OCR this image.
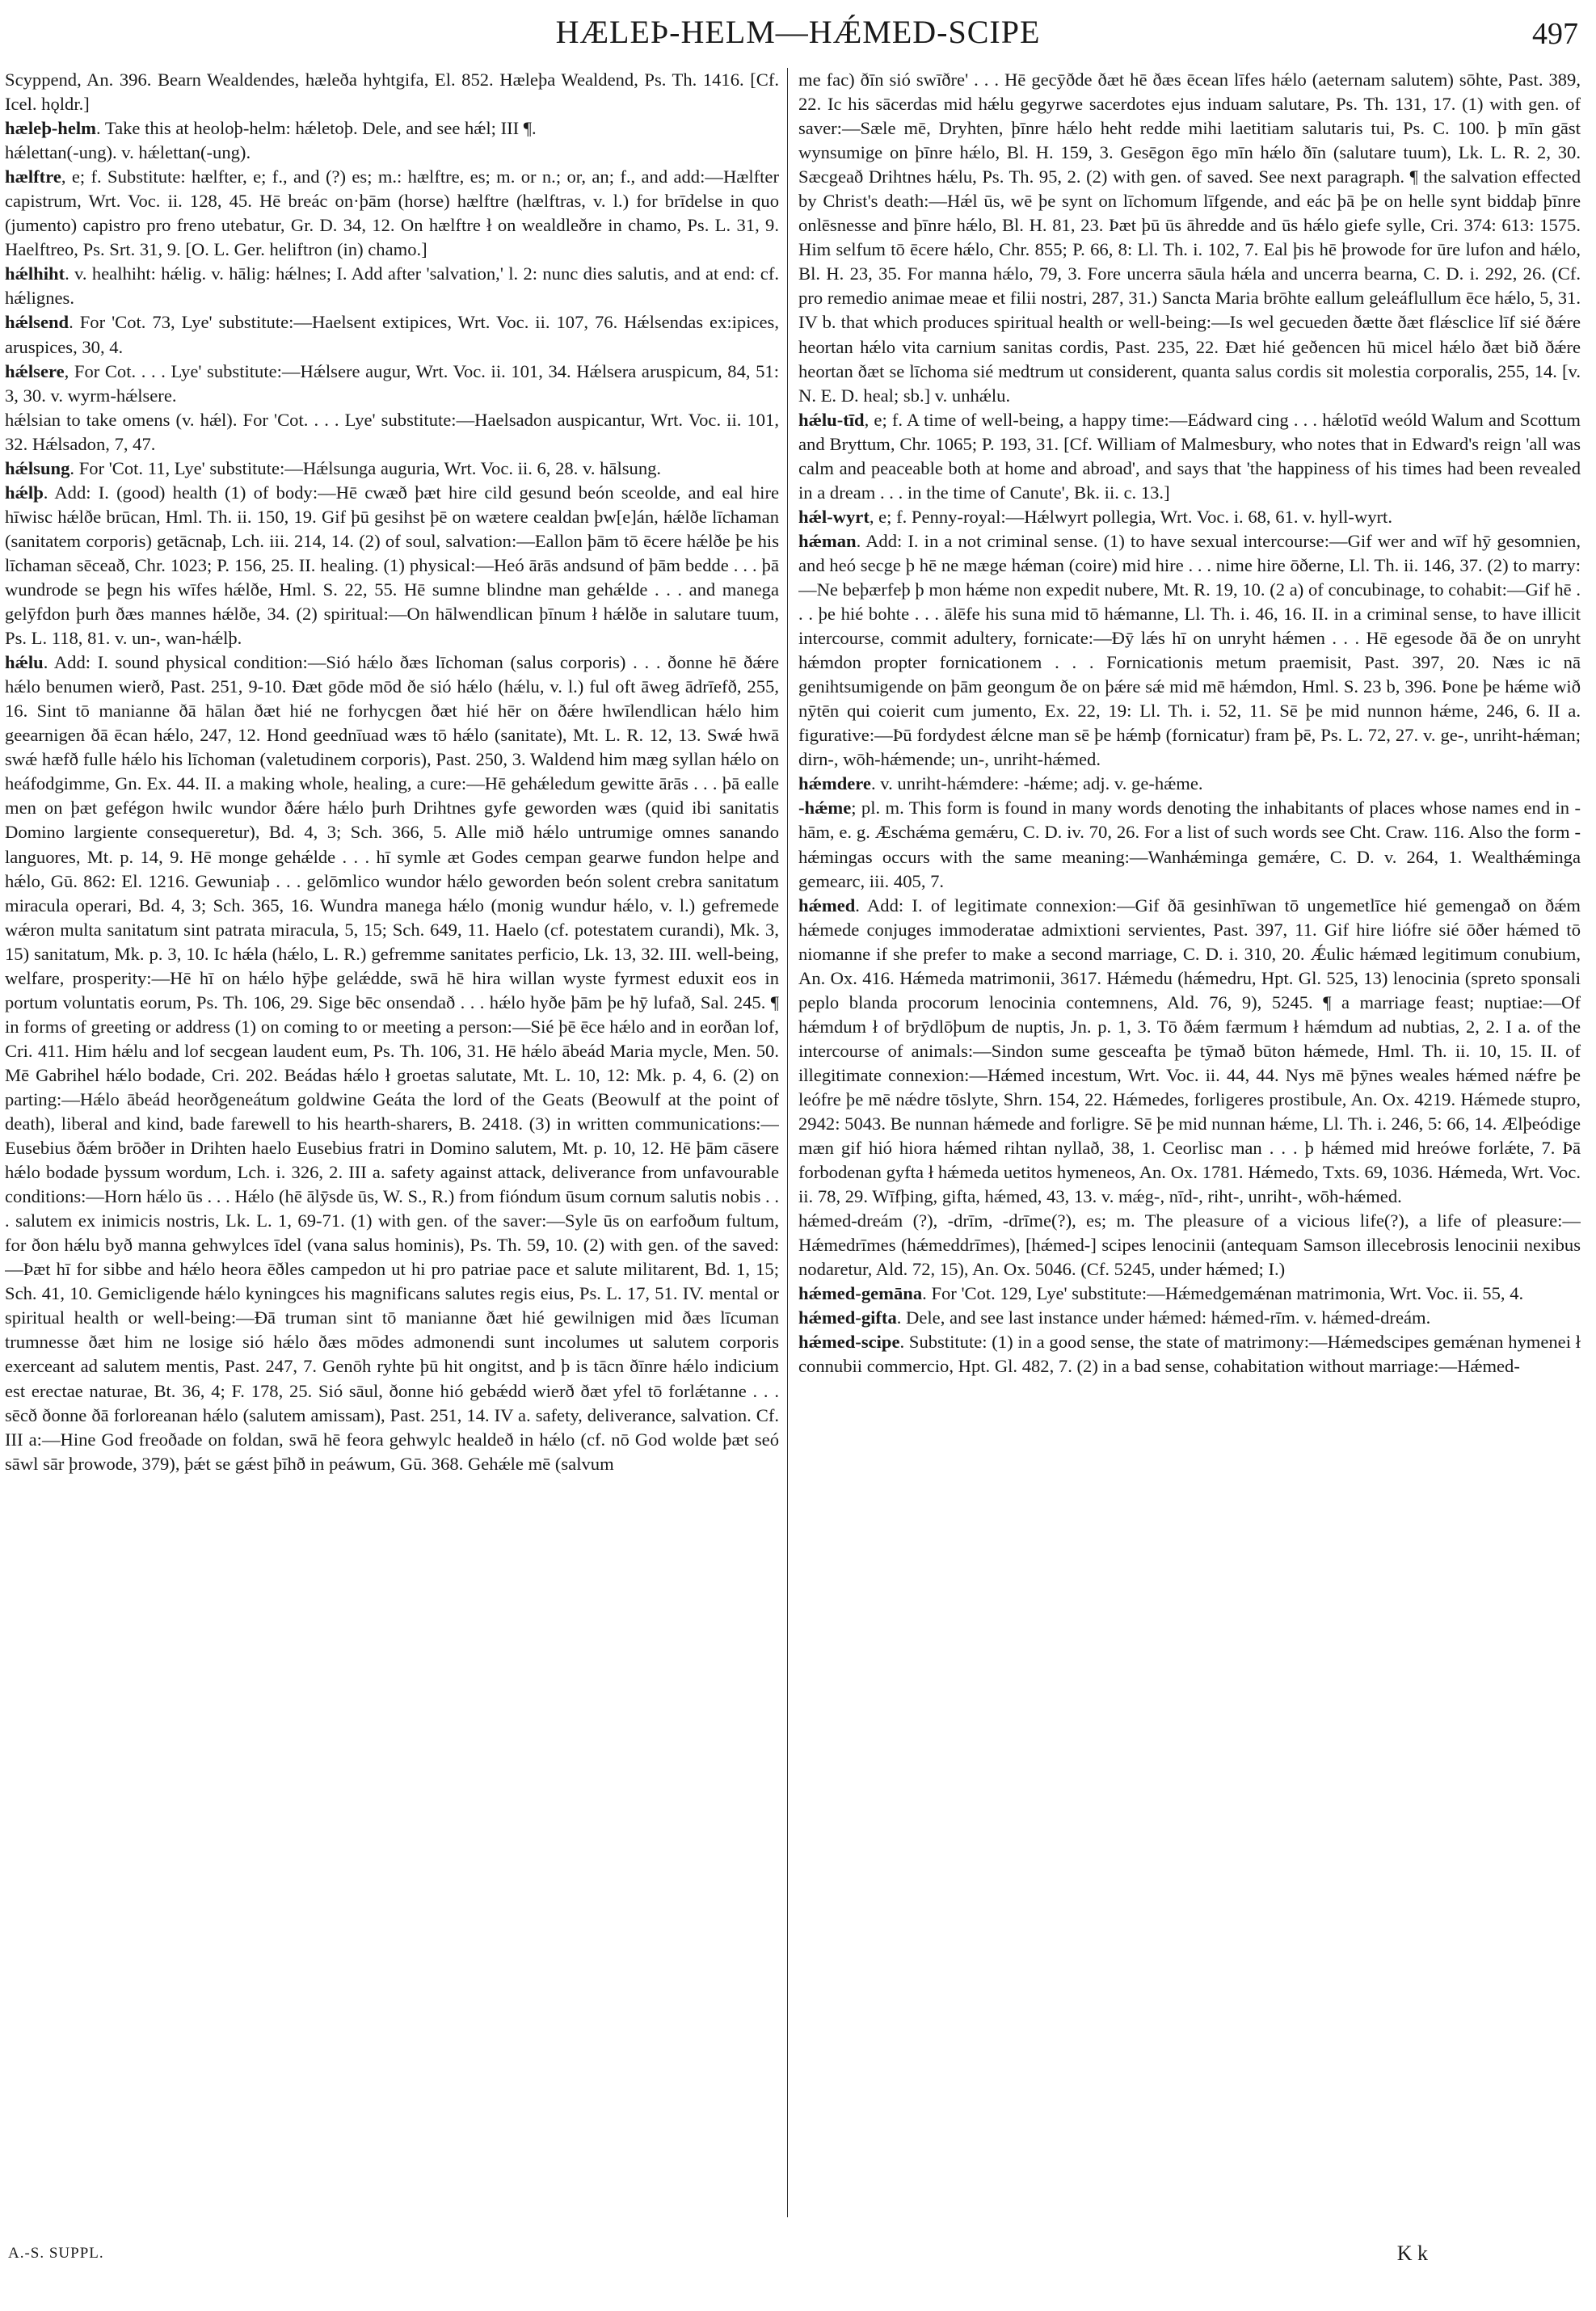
HÆLEÞ-HELM—HǼMED-SCIPE	497

Scyppend, An. 396. Bearn Wealdendes, hæleða hyhtgifa, El. 852. Hæleþa Wealdend, Ps. Th. 1416. [Cf. Icel. hǫldr.]

hæleþ-helm. Take this at heoloþ-helm: hǽletoþ. Dele, and see hǽl; III ¶.

hǽlettan(-ung). v. hǽlettan(-ung).

hælftre, e; f. Substitute: hælfter, e; f., and (?) es; m.: hælftre, es; m. or n.; or, an; f., and add:—Hælfter capistrum, Wrt. Voc. ii. 128, 45. Hē breác on·þām (horse) hælftre (hælftras, v. l.) for brīdelse in quo (jumento) capistro pro freno utebatur, Gr. D. 34, 12. On hælftre ł on wealdleðre in chamo, Ps. L. 31, 9. Haelftreo, Ps. Srt. 31, 9. [O. L. Ger. heliftron (in) chamo.]

hǽlhiht. v. healhiht: hǽlig. v. hālig: hǽlnes; I. Add after 'salvation,' l. 2: nunc dies salutis, and at end: cf. hǽlignes.

hǽlsend. For 'Cot. 73, Lye' substitute:—Haelsent extipices, Wrt. Voc. ii. 107, 76. Hǽlsendas ex:ipices, aruspices, 30, 4.

hǽlsere, For Cot. . . . Lye' substitute:—Hǽlsere augur, Wrt. Voc. ii. 101, 34. Hǽlsera aruspicum, 84, 51: 3, 30. v. wyrm-hǽlsere.

hǽlsian to take omens (v. hǽl). For 'Cot. . . . Lye' substitute:—Haelsadon auspicantur, Wrt. Voc. ii. 101, 32. Hǽlsadon, 7, 47.

hǽlsung. For 'Cot. 11, Lye' substitute:—Hǽlsunga auguria, Wrt. Voc. ii. 6, 28. v. hālsung.

hǽlþ. Add: I. (good) health (1) of body:—Hē cwæð þæt hire cild gesund beón sceolde, and eal hire hīwisc hǽlðe brūcan, Hml. Th. ii. 150, 19. Gif þū gesihst þē on wætere cealdan þw[e]án, hǽlðe līchaman (sanitatem corporis) getācnaþ, Lch. iii. 214, 14. (2) of soul, salvation:—Eallon þām tō ēcere hǽlðe þe his līchaman sēceað, Chr. 1023; P. 156, 25. II. healing. (1) physical:—Heó ārās andsund of þām bedde . . . þā wundrode se þegn his wīfes hǽlðe, Hml. S. 22, 55. Hē sumne blindne man gehǽlde . . . and manega gelȳfdon þurh ðæs mannes hǽlðe, 34. (2) spiritual:—On hālwendlican þīnum ł hǽlðe in salutare tuum, Ps. L. 118, 81. v. un-, wan-hǽlþ.

hǽlu. Add: I. sound physical condition:—Sió hǽlo ðæs līchoman (salus corporis) . . . ðonne hē ðǽre hǽlo benumen wierð, Past. 251, 9-10. Ðæt gōde mōd ðe sió hǽlo (hǽlu, v. l.) ful oft āweg ādrīefð, 255, 16. Sint tō manianne ðā hālan ðæt hié ne forhycgen ðæt hié hēr on ðǽre hwīlendlican hǽlo him geearnigen ðā ēcan hǽlo, 247, 12. Hond geednīuad wæs tō hǽlo (sanitate), Mt. L. R. 12, 13. Swǽ hwā swǽ hæfð fulle hǽlo his līchoman (valetudinem corporis), Past. 250, 3. Waldend him mæg syllan hǽlo on heáfodgimme, Gn. Ex. 44. II. a making whole, healing, a cure:—Hē gehǽledum gewitte ārās . . . þā ealle men on þæt gefégon hwilc wundor ðǽre hǽlo þurh Drihtnes gyfe geworden wæs (quid ibi sanitatis Domino largiente consequeretur), Bd. 4, 3; Sch. 366, 5. Alle mið hǽlo untrumige omnes sanando languores, Mt. p. 14, 9. Hē monge gehǽlde . . . hī symle æt Godes cempan gearwe fundon helpe and hǽlo, Gū. 862: El. 1216. Gewuniaþ . . . gelōmlico wundor hǽlo geworden beón solent crebra sanitatum miracula operari, Bd. 4, 3; Sch. 365, 16. Wundra manega hǽlo (monig wundur hǽlo, v. l.) gefremede wǽron multa sanitatum sint patrata miracula, 5, 15; Sch. 649, 11. Haelo (cf. potestatem curandi), Mk. 3, 15) sanitatum, Mk. p. 3, 10. Ic hǽla (hǽlo, L. R.) gefremme sanitates perficio, Lk. 13, 32. III. well-being, welfare, prosperity:—Hē hī on hǽlo hȳþe gelǽdde, swā hē hira willan wyste fyrmest eduxit eos in portum voluntatis eorum, Ps. Th. 106, 29. Sige bēc onsendað . . . hǽlo hyðe þām þe hȳ lufað, Sal. 245. ¶ in forms of greeting or address (1) on coming to or meeting a person:—Sié þē ēce hǽlo and in eorðan lof, Cri. 411. Him hǽlu and lof secgean laudent eum, Ps. Th. 106, 31. Hē hǽlo ābeád Maria mycle, Men. 50. Mē Gabrihel hǽlo bodade, Cri. 202. Beádas hǽlo ł groetas salutate, Mt. L. 10, 12: Mk. p. 4, 6. (2) on parting:—Hǽlo ābeád heorðgeneátum goldwine Geáta the lord of the Geats (Beowulf at the point of death), liberal and kind, bade farewell to his hearth-sharers, B. 2418. (3) in written communications:—Eusebius ðǽm brōðer in Drihten haelo Eusebius fratri in Domino salutem, Mt. p. 10, 12. Hē þām cāsere hǽlo bodade þyssum wordum, Lch. i. 326, 2. III a. safety against attack, deliverance from unfavourable conditions:—Horn hǽlo ūs . . . Hǽlo (hē ālȳsde ūs, W. S., R.) from fióndum ūsum cornum salutis nobis . . . salutem ex inimicis nostris, Lk. L. 1, 69-71. (1) with gen. of the saver:—Syle ūs on earfoðum fultum, for ðon hǽlu byð manna gehwylces īdel (vana salus hominis), Ps. Th. 59, 10. (2) with gen. of the saved:—Þæt hī for sibbe and hǽlo heora ēðles campedon ut hi pro patriae pace et salute militarent, Bd. 1, 15; Sch. 41, 10. Gemicligende hǽlo kyningces his magnificans salutes regis eius, Ps. L. 17, 51. IV. mental or spiritual health or well-being:—Ðā truman sint tō manianne ðæt hié gewilnigen mid ðæs līcuman trumnesse ðæt him ne losige sió hǽlo ðæs mōdes admonendi sunt incolumes ut salutem corporis exerceant ad salutem mentis, Past. 247, 7. Genōh ryhte þū hit ongitst, and þ is tācn ðīnre hǽlo indicium est erectae naturae, Bt. 36, 4; F. 178, 25. Sió sāul, ðonne hió gebǽdd wierð ðæt yfel tō forlǽtanne . . . sēcð ðonne ðā forloreanan hǽlo (salutem amissam), Past. 251, 14. IV a. safety, deliverance, salvation. Cf. III a:—Hine God freoðade on foldan, swā hē feora gehwylc healdeð in hǽlo (cf. nō God wolde þæt seó sāwl sār þrowode, 379), þǽt se gǽst þīhð in peáwum, Gū. 368. Gehǽle mē (salvum

me fac) ðīn sió swīðre' . . . Hē gecȳðde ðæt hē ðæs ēcean līfes hǽlo (aeternam salutem) sōhte, Past. 389, 22. Ic his sācerdas mid hǽlu gegyrwe sacerdotes ejus induam salutare, Ps. Th. 131, 17. (1) with gen. of saver:—Sæle mē, Dryhten, þīnre hǽlo heht redde mihi laetitiam salutaris tui, Ps. C. 100. þ mīn gāst wynsumige on þīnre hǽlo, Bl. H. 159, 3. Gesēgon ēgo mīn hǽlo ðīn (salutare tuum), Lk. L. R. 2, 30. Sæcgeað Drihtnes hǽlu, Ps. Th. 95, 2. (2) with gen. of saved. See next paragraph. ¶ the salvation effected by Christ's death:—Hǽl ūs, wē þe synt on līchomum līfgende, and eác þā þe on helle synt biddaþ þīnre onlēsnesse and þīnre hǽlo, Bl. H. 81, 23. Þæt þū ūs āhredde and ūs hǽlo giefe sylle, Cri. 374: 613: 1575. Him selfum tō ēcere hǽlo, Chr. 855; P. 66, 8: Ll. Th. i. 102, 7. Eal þis hē þrowode for ūre lufon and hǽlo, Bl. H. 23, 35. For manna hǽlo, 79, 3. Fore uncerra sāula hǽla and uncerra bearna, C. D. i. 292, 26. (Cf. pro remedio animae meae et filii nostri, 287, 31.) Sancta Maria brōhte eallum geleáflullum ēce hǽlo, 5, 31. IV b. that which produces spiritual health or well-being:—Is wel gecueden ðætte ðæt flǽsclice līf sié ðǽre heortan hǽlo vita carnium sanitas cordis, Past. 235, 22. Ðæt hié geðencen hū micel hǽlo ðæt bið ðǽre heortan ðæt se līchoma sié medtrum ut considerent, quanta salus cordis sit molestia corporalis, 255, 14. [v. N. E. D. heal; sb.] v. unhǽlu.

hǽlu-tīd, e; f. A time of well-being, a happy time:—Eádward cing . . . hǽlotīd weóld Walum and Scottum and Bryttum, Chr. 1065; P. 193, 31. [Cf. William of Malmesbury, who notes that in Edward's reign 'all was calm and peaceable both at home and abroad', and says that 'the happiness of his times had been revealed in a dream . . . in the time of Canute', Bk. ii. c. 13.]

hǽl-wyrt, e; f. Penny-royal:—Hǽlwyrt pollegia, Wrt. Voc. i. 68, 61. v. hyll-wyrt.

hǽman. Add: I. in a not criminal sense. (1) to have sexual intercourse:—Gif wer and wīf hȳ gesomnien, and heó secge þ hē ne mæge hǽman (coire) mid hire . . . nime hire ōðerne, Ll. Th. ii. 146, 37. (2) to marry:—Ne beþærfeþ þ mon hǽme non expedit nubere, Mt. R. 19, 10. (2 a) of concubinage, to cohabit:—Gif hē . . . þe hié bohte . . . ālēfe his suna mid tō hǽmanne, Ll. Th. i. 46, 16. II. in a criminal sense, to have illicit intercourse, commit adultery, fornicate:—Ðȳ lǽs hī on unryht hǽmen . . . Hē egesode ðā ðe on unryht hǽmdon propter fornicationem . . . Fornicationis metum praemisit, Past. 397, 20. Næs ic nā genihtsumigende on þām geongum ðe on þǽre sǽ mid mē hǽmdon, Hml. S. 23 b, 396. Þone þe hǽme wið nȳtēn qui coierit cum jumento, Ex. 22, 19: Ll. Th. i. 52, 11. Sē þe mid nunnon hǽme, 246, 6. II a. figurative:—Þū fordydest ǽlcne man sē þe hǽmþ (fornicatur) fram þē, Ps. L. 72, 27. v. ge-, unriht-hǽman; dirn-, wōh-hǽmende; un-, unriht-hǽmed.

hǽmdere. v. unriht-hǽmdere: -hǽme; adj. v. ge-hǽme.

-hǽme; pl. m. This form is found in many words denoting the inhabitants of places whose names end in -hām, e. g. Æschǽma gemǽru, C. D. iv. 70, 26. For a list of such words see Cht. Craw. 116. Also the form -hǽmingas occurs with the same meaning:—Wanhǽminga gemǽre, C. D. v. 264, 1. Wealthǽminga gemearc, iii. 405, 7.

hǽmed. Add: I. of legitimate connexion:—Gif ðā gesinhīwan tō ungemetlīce hié gemengað on ðǽm hǽmede conjuges immoderatae admixtioni servientes, Past. 397, 11. Gif hire liófre sié ōðer hǽmed tō niomanne if she prefer to make a second marriage, C. D. i. 310, 20. Ǽulic hǽmæd legitimum conubium, An. Ox. 416. Hǽmeda matrimonii, 3617. Hǽmedu (hǽmedru, Hpt. Gl. 525, 13) lenocinia (spreto sponsali peplo blanda procorum lenocinia contemnens, Ald. 76, 9), 5245. ¶ a marriage feast; nuptiae:—Of hǽmdum ł of brȳdlōþum de nuptis, Jn. p. 1, 3. Tō ðǽm færmum ł hǽmdum ad nubtias, 2, 2. I a. of the intercourse of animals:—Sindon sume gesceafta þe tȳmað būton hǽmede, Hml. Th. ii. 10, 15. II. of illegitimate connexion:—Hǽmed incestum, Wrt. Voc. ii. 44, 44. Nys mē þȳnes weales hǽmed nǽfre þe leófre þe mē nǽdre tōslyte, Shrn. 154, 22. Hǽmedes, forligeres prostibule, An. Ox. 4219. Hǽmede stupro, 2942: 5043. Be nunnan hǽmede and forligre. Sē þe mid nunnan hǽme, Ll. Th. i. 246, 5: 66, 14. Ælþeódige mæn gif hió hiora hǽmed rihtan nyllað, 38, 1. Ceorlisc man . . . þ hǽmed mid hreówe forlǽte, 7. Þā forbodenan gyfta ł hǽmeda uetitos hymeneos, An. Ox. 1781. Hǽmedo, Txts. 69, 1036. Hǽmeda, Wrt. Voc. ii. 78, 29. Wīfþing, gifta, hǽmed, 43, 13. v. mǽg-, nīd-, riht-, unriht-, wōh-hǽmed.

hǽmed-dreám (?), -drīm, -drīme(?), es; m. The pleasure of a vicious life(?), a life of pleasure:—Hǽmedrīmes (hǽmeddrīmes), [hǽmed-] scipes lenocinii (antequam Samson illecebrosis lenocinii nexibus nodaretur, Ald. 72, 15), An. Ox. 5046. (Cf. 5245, under hǽmed; I.)

hǽmed-gemāna. For 'Cot. 129, Lye' substitute:—Hǽmedgemǽnan matrimonia, Wrt. Voc. ii. 55, 4.

hǽmed-gifta. Dele, and see last instance under hǽmed: hǽmed-rīm. v. hǽmed-dreám.

hǽmed-scipe. Substitute: (1) in a good sense, the state of matrimony:—Hǽmedscipes gemǽnan hymenei ł connubii commercio, Hpt. Gl. 482, 7. (2) in a bad sense, cohabitation without marriage:—Hǽmed-

A.-S. SUPPL.	K k
